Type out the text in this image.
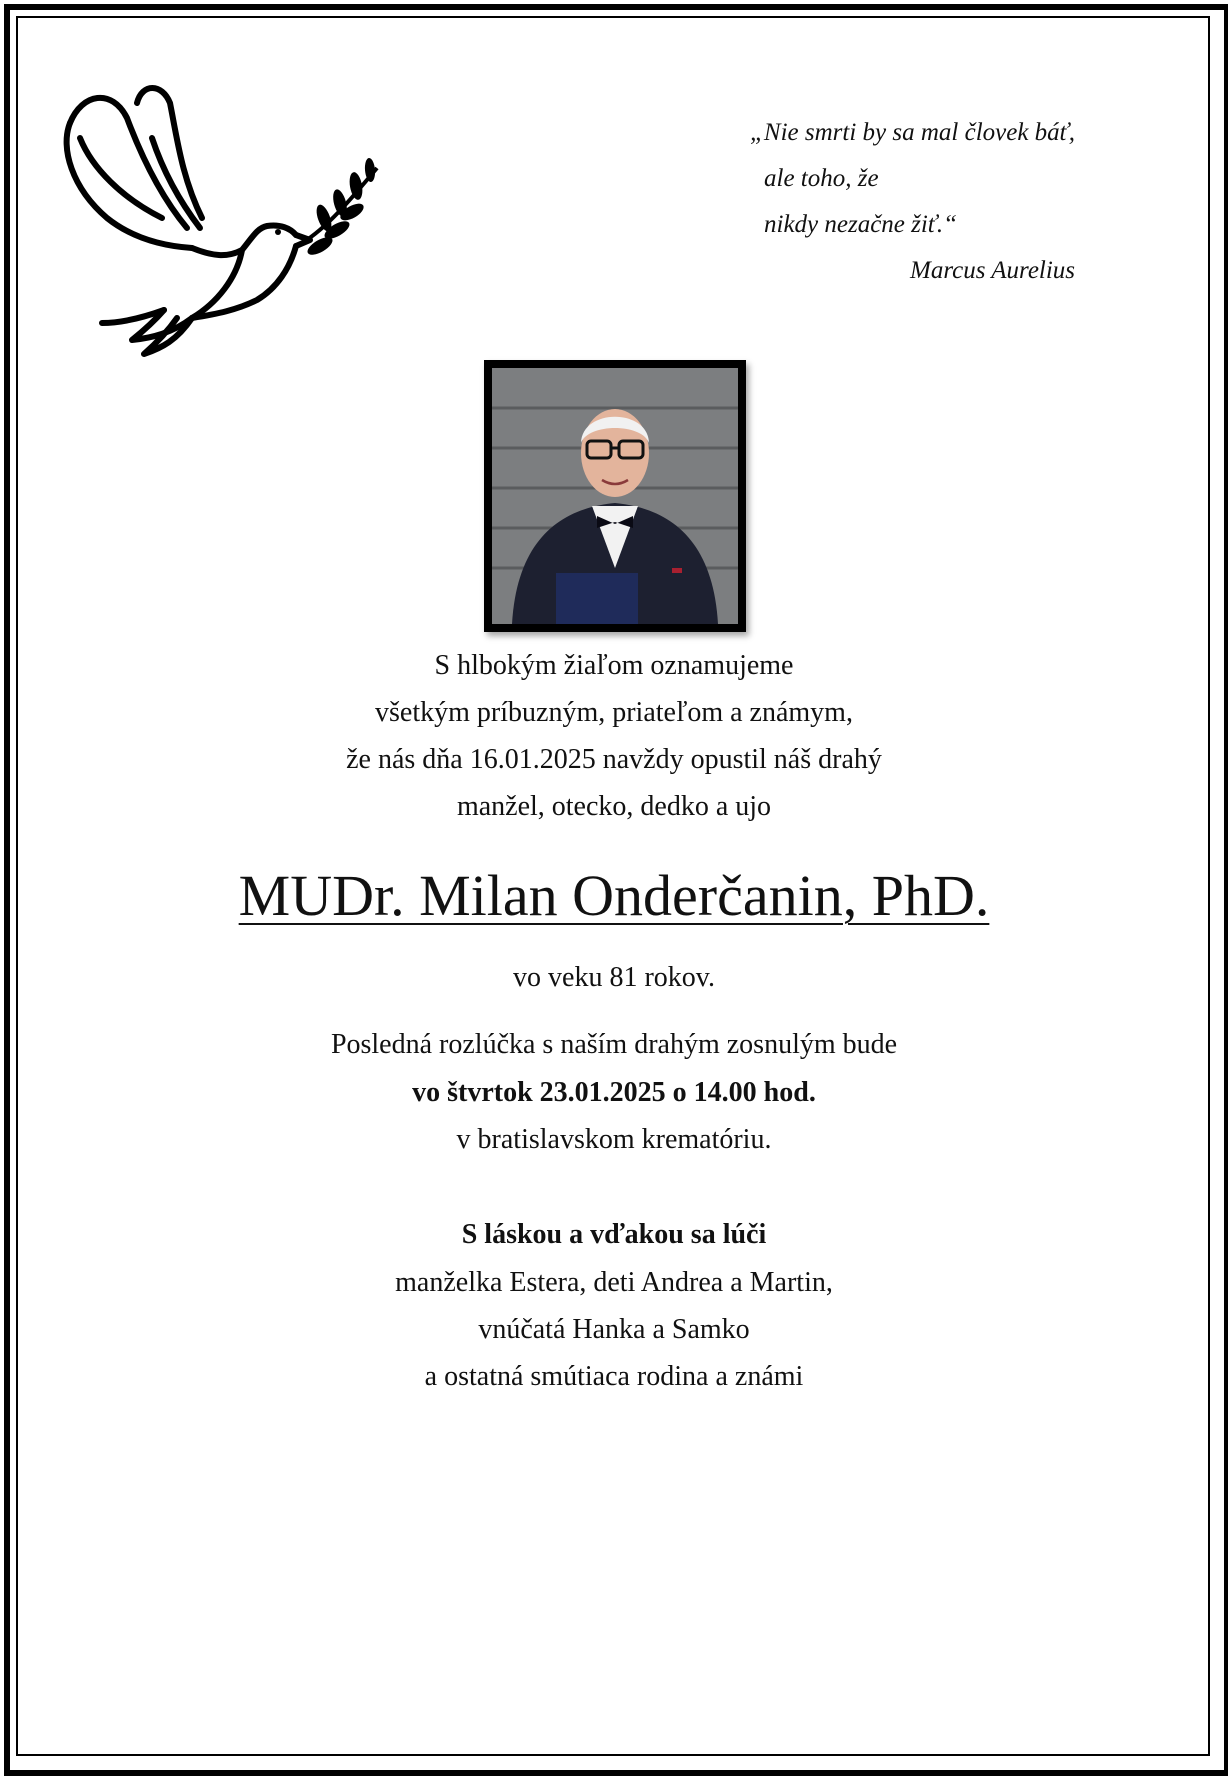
„Nie smrti by sa mal človek báť,
ale toho, že
nikdy nezačne žiť.“
Marcus Aurelius
S hlbokým žiaľom oznamujeme
všetkým príbuzným, priateľom a známym,
že nás dňa 16.01.2025 navždy opustil náš drahý
manžel, otecko, dedko a ujo
MUDr. Milan Onderčanin, PhD.
vo veku 81 rokov.
Posledná rozlúčka s naším drahým zosnulým bude
vo štvrtok 23.01.2025 o 14.00 hod.
v bratislavskom krematóriu.
S láskou a vďakou sa lúči
manželka Estera, deti Andrea a Martin,
vnúčatá Hanka a Samko
a ostatná smútiaca rodina a známi
